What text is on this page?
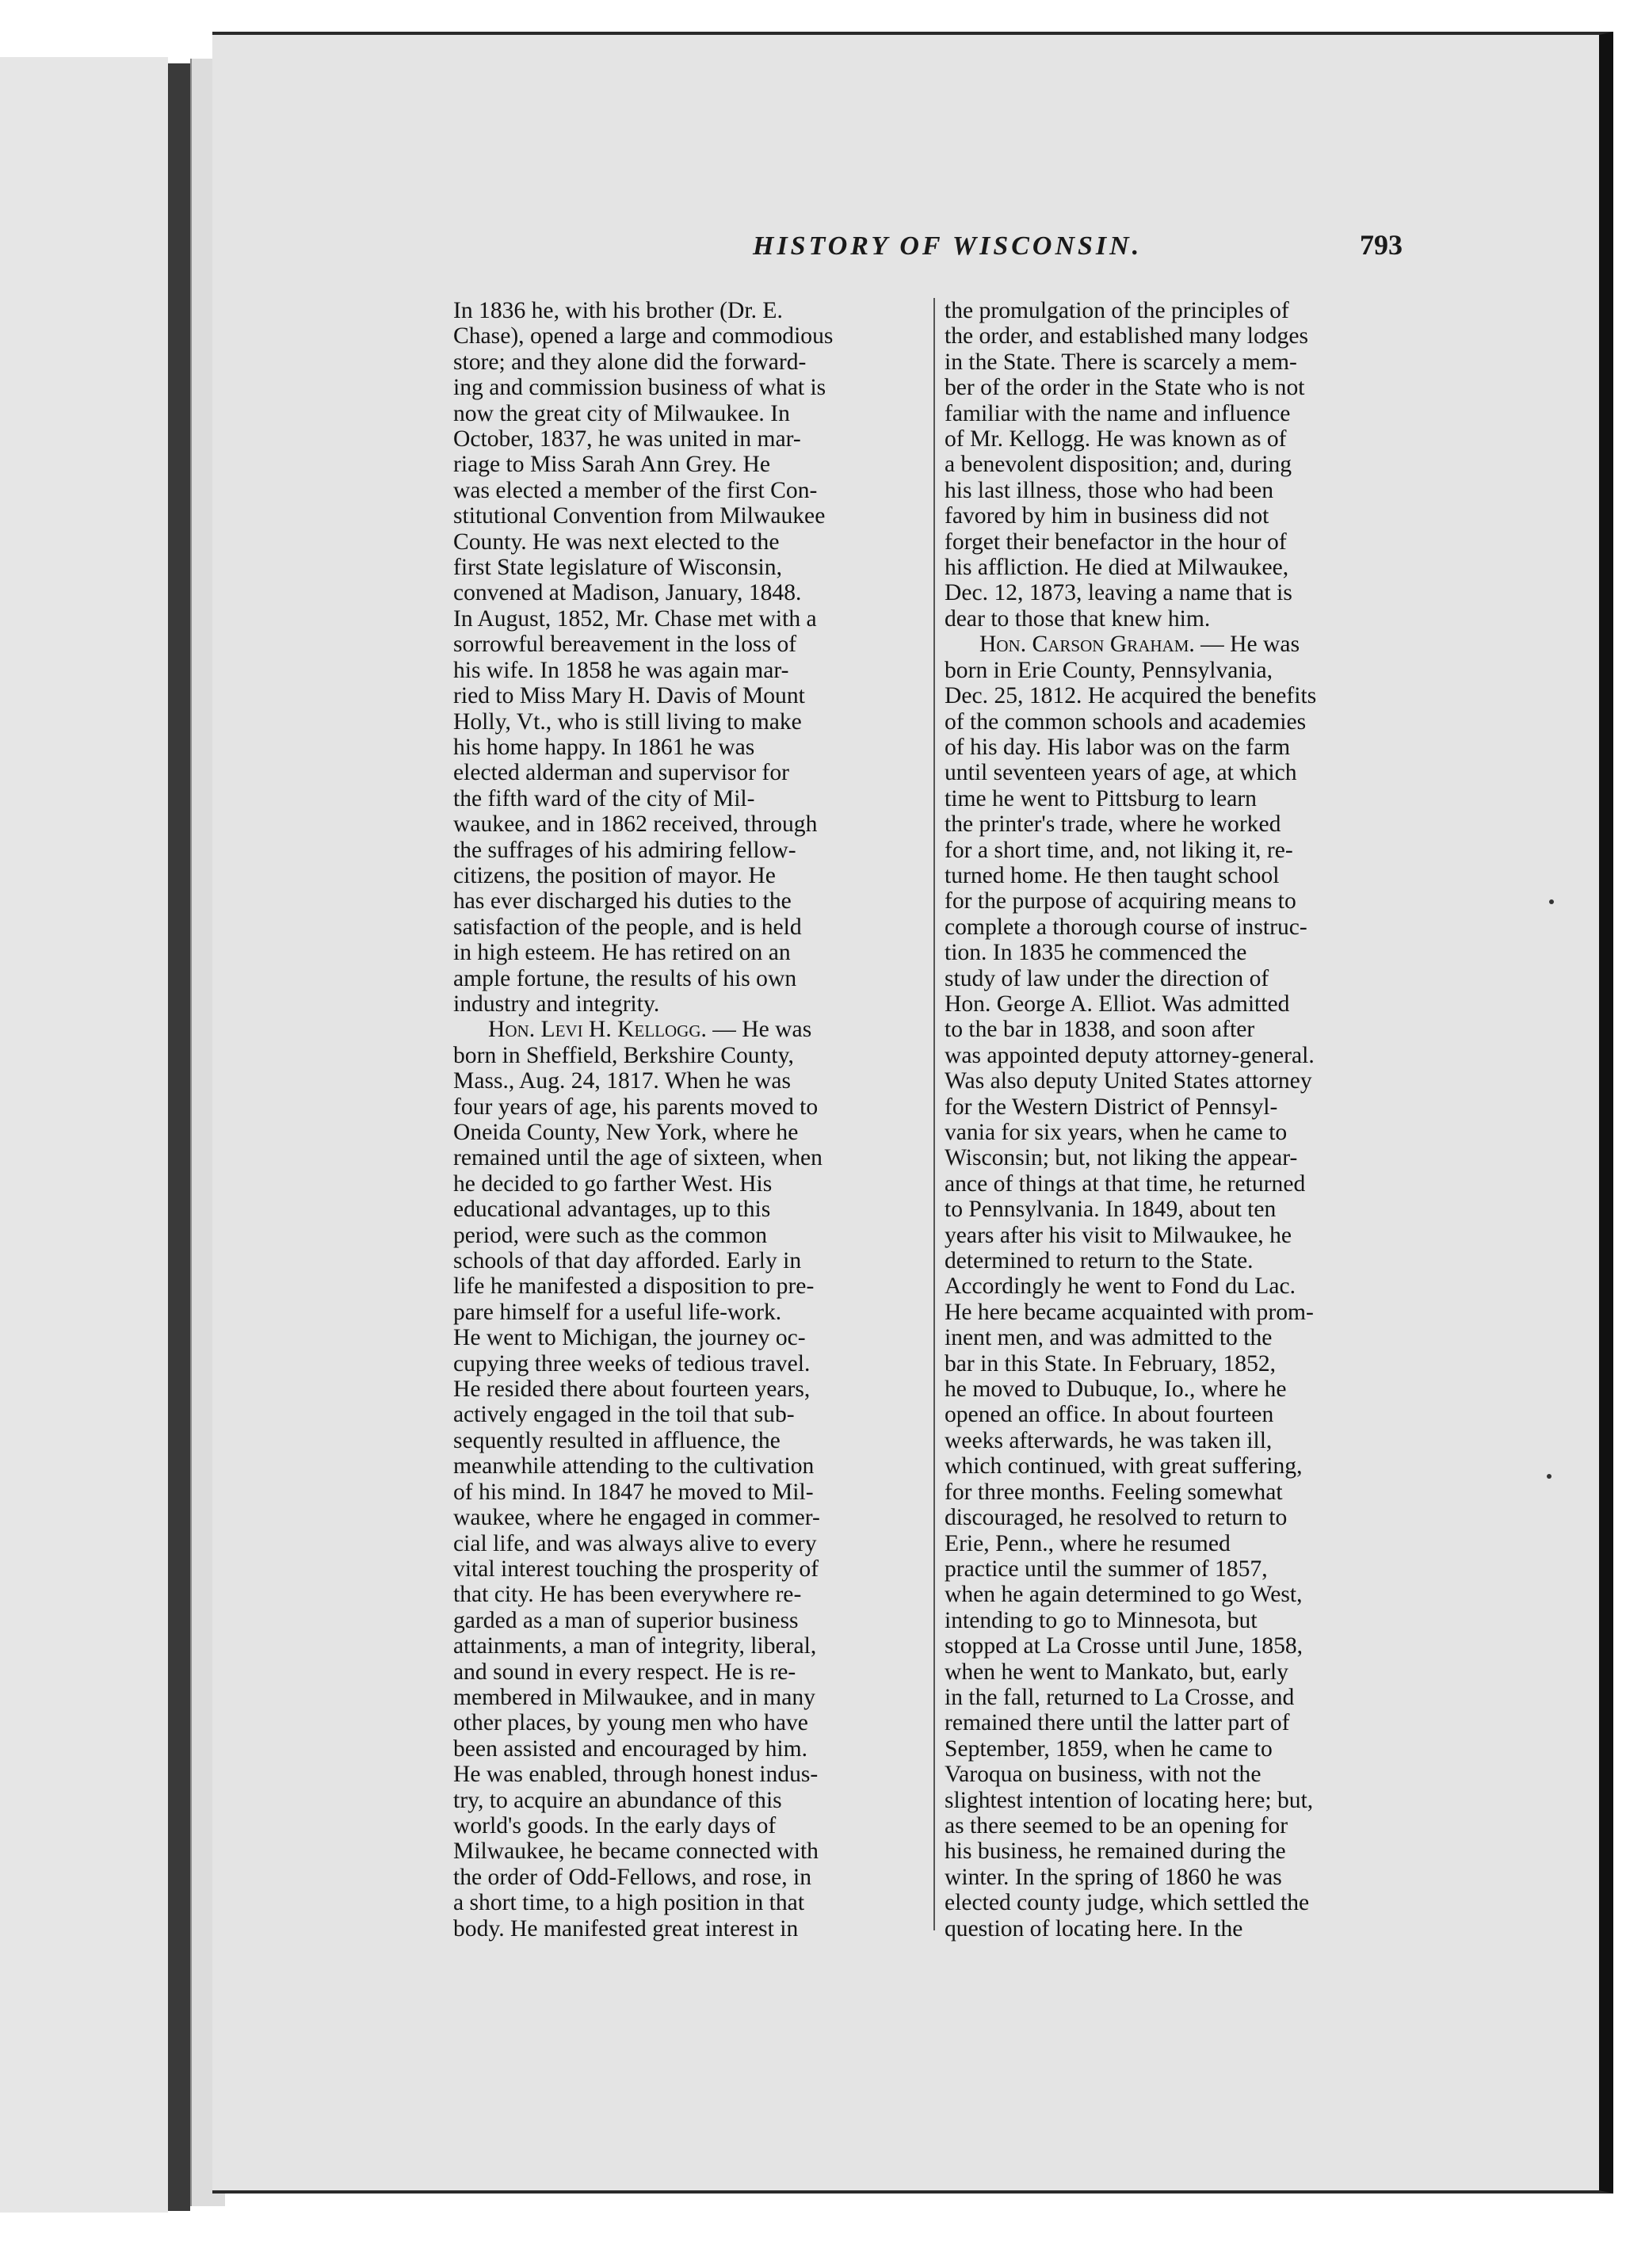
HISTORY OF WISCONSIN.	793
In 1836 he, with his brother (Dr. E.
Chase), opened a large and commodious
store; and they alone did the forward-
ing and commission business of what is
now the great city of Milwaukee. In
October, 1837, he was united in mar-
riage to Miss Sarah Ann Grey. He
was elected a member of the first Con-
stitutional Convention from Milwaukee
County. He was next elected to the
first State legislature of Wisconsin,
convened at Madison, January, 1848.
In August, 1852, Mr. Chase met with a
sorrowful bereavement in the loss of
his wife. In 1858 he was again mar-
ried to Miss Mary H. Davis of Mount
Holly, Vt., who is still living to make
his home happy. In 1861 he was
elected alderman and supervisor for
the fifth ward of the city of Mil-
waukee, and in 1862 received, through
the suffrages of his admiring fellow-
citizens, the position of mayor. He
has ever discharged his duties to the
satisfaction of the people, and is held
in high esteem. He has retired on an
ample fortune, the results of his own
industry and integrity.
Hon. Levi H. Kellogg. — He was
born in Sheffield, Berkshire County,
Mass., Aug. 24, 1817. When he was
four years of age, his parents moved to
Oneida County, New York, where he
remained until the age of sixteen, when
he decided to go farther West. His
educational advantages, up to this
period, were such as the common
schools of that day afforded. Early in
life he manifested a disposition to pre-
pare himself for a useful life-work.
He went to Michigan, the journey oc-
cupying three weeks of tedious travel.
He resided there about fourteen years,
actively engaged in the toil that sub-
sequently resulted in affluence, the
meanwhile attending to the cultivation
of his mind. In 1847 he moved to Mil-
waukee, where he engaged in commer-
cial life, and was always alive to every
vital interest touching the prosperity of
that city. He has been everywhere re-
garded as a man of superior business
attainments, a man of integrity, liberal,
and sound in every respect. He is re-
membered in Milwaukee, and in many
other places, by young men who have
been assisted and encouraged by him.
He was enabled, through honest indus-
try, to acquire an abundance of this
world's goods. In the early days of
Milwaukee, he became connected with
the order of Odd-Fellows, and rose, in
a short time, to a high position in that
body. He manifested great interest in
the promulgation of the principles of
the order, and established many lodges
in the State. There is scarcely a mem-
ber of the order in the State who is not
familiar with the name and influence
of Mr. Kellogg. He was known as of
a benevolent disposition; and, during
his last illness, those who had been
favored by him in business did not
forget their benefactor in the hour of
his affliction. He died at Milwaukee,
Dec. 12, 1873, leaving a name that is
dear to those that knew him.
Hon. Carson Graham. — He was
born in Erie County, Pennsylvania,
Dec. 25, 1812. He acquired the benefits
of the common schools and academies
of his day. His labor was on the farm
until seventeen years of age, at which
time he went to Pittsburg to learn
the printer's trade, where he worked
for a short time, and, not liking it, re-
turned home. He then taught school
for the purpose of acquiring means to
complete a thorough course of instruc-
tion. In 1835 he commenced the
study of law under the direction of
Hon. George A. Elliot. Was admitted
to the bar in 1838, and soon after
was appointed deputy attorney-general.
Was also deputy United States attorney
for the Western District of Pennsyl-
vania for six years, when he came to
Wisconsin; but, not liking the appear-
ance of things at that time, he returned
to Pennsylvania. In 1849, about ten
years after his visit to Milwaukee, he
determined to return to the State.
Accordingly he went to Fond du Lac.
He here became acquainted with prom-
inent men, and was admitted to the
bar in this State. In February, 1852,
he moved to Dubuque, Io., where he
opened an office. In about fourteen
weeks afterwards, he was taken ill,
which continued, with great suffering,
for three months. Feeling somewhat
discouraged, he resolved to return to
Erie, Penn., where he resumed
practice until the summer of 1857,
when he again determined to go West,
intending to go to Minnesota, but
stopped at La Crosse until June, 1858,
when he went to Mankato, but, early
in the fall, returned to La Crosse, and
remained there until the latter part of
September, 1859, when he came to
Varoqua on business, with not the
slightest intention of locating here; but,
as there seemed to be an opening for
his business, he remained during the
winter. In the spring of 1860 he was
elected county judge, which settled the
question of locating here. In the
